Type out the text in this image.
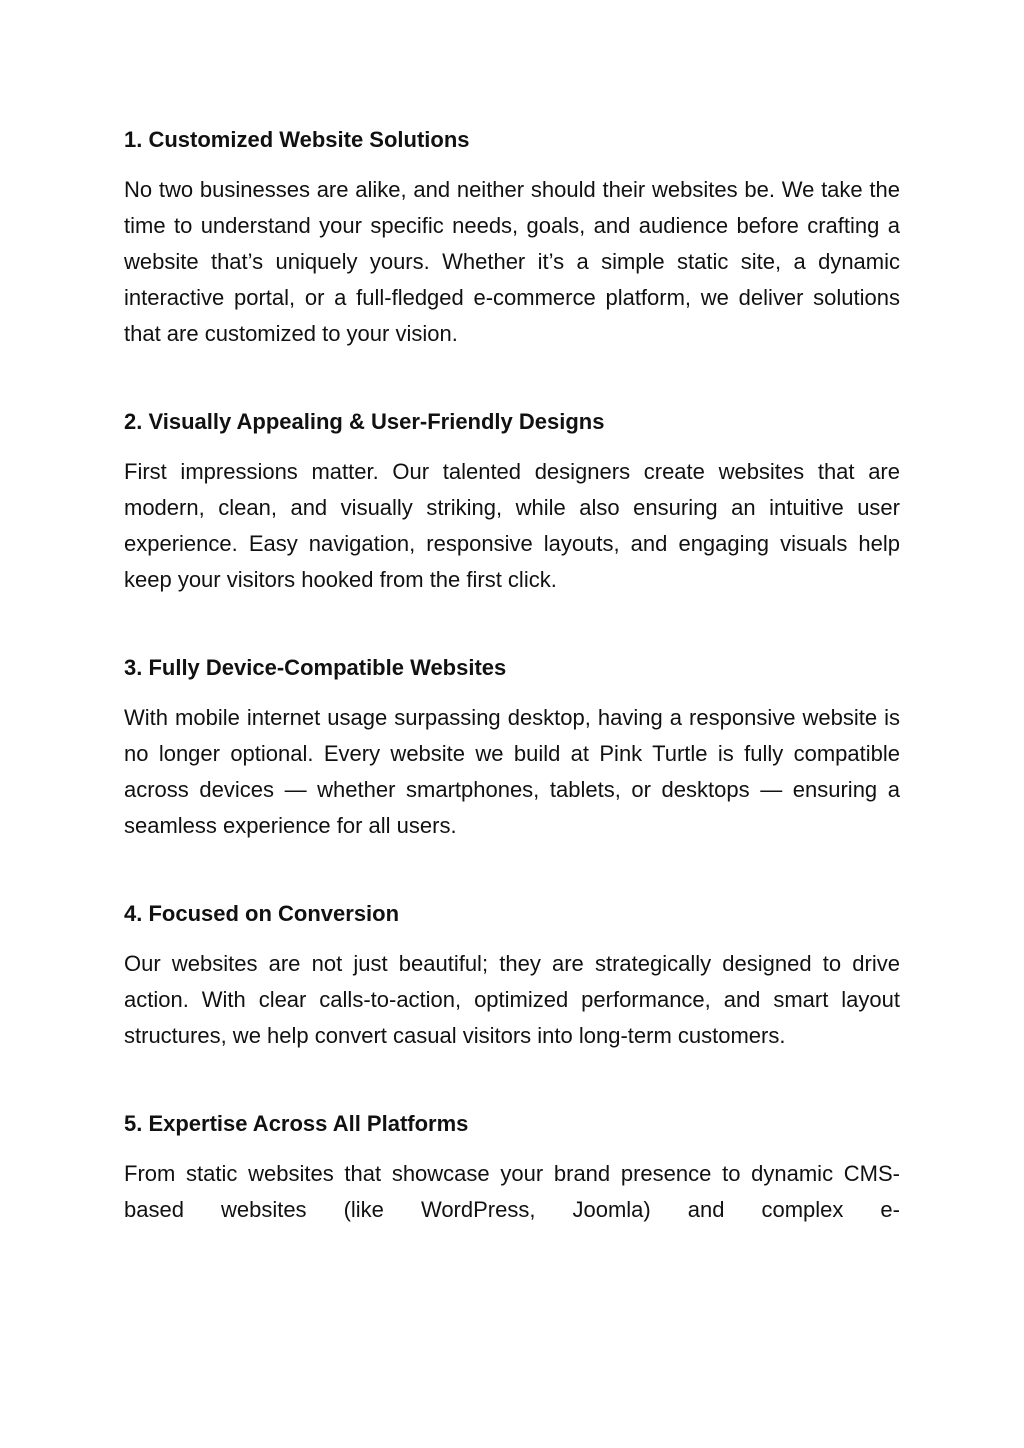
1. Customized Website Solutions

No two businesses are alike, and neither should their websites be. We take the time to understand your specific needs, goals, and audience before crafting a website that’s uniquely yours. Whether it’s a simple static site, a dynamic interactive portal, or a full-fledged e-commerce platform, we deliver solutions that are customized to your vision.

2. Visually Appealing & User-Friendly Designs

First impressions matter. Our talented designers create websites that are modern, clean, and visually striking, while also ensuring an intuitive user experience. Easy navigation, responsive layouts, and engaging visuals help keep your visitors hooked from the first click.

3. Fully Device-Compatible Websites

With mobile internet usage surpassing desktop, having a responsive website is no longer optional. Every website we build at Pink Turtle is fully compatible across devices — whether smartphones, tablets, or desktops — ensuring a seamless experience for all users.

4. Focused on Conversion

Our websites are not just beautiful; they are strategically designed to drive action. With clear calls-to-action, optimized performance, and smart layout structures, we help convert casual visitors into long-term customers.

5. Expertise Across All Platforms

From static websites that showcase your brand presence to dynamic CMS-based websites (like WordPress, Joomla) and complex e-
